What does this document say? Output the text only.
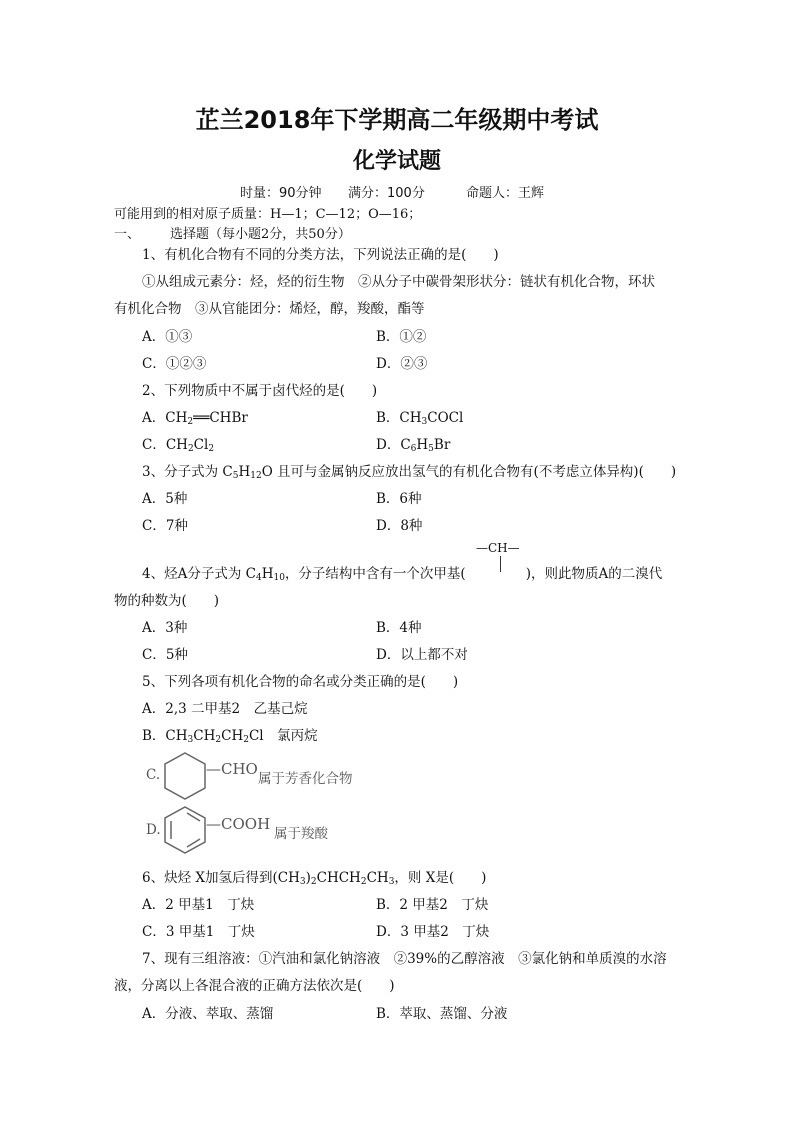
芷兰2018年下学期高二年级期中考试
化学试题
时量：90分钟 满分：100分	命题人：王辉
可能用到的相对原子质量：H—1；C—12；O—16；
一、 选择题（每小题2分，共50分）
1、有机化合物有不同的分类方法，下列说法正确的是(　　)
①从组成元素分：烃，烃的衍生物　②从分子中碳骨架形状分：链状有机化合物，环状
有机化合物　③从官能团分：烯烃，醇，羧酸，酯等
A．①③	B．①②
C．①②③	D．②③
2、下列物质中不属于卤代烃的是(　　)
A．$CH_2══CHBr$	B．$CH_3COCl$
C．$CH_2Cl_2$	D．$C_6H_5Br$
3、分子式为 $C_5H_{12}O$ 且可与金属钠反应放出氢气的有机化合物有(不考虑立体异构)(　　)
A．5种	B．6种
C．7种	D．8种
—CH—
4、烃A分子式为 $C_4H_{10}$，分子结构中含有一个次甲基(	)，则此物质A的二溴代
物的种数为(　　)
A．3种	B．4种
C．5种	D．以上都不对
5、下列各项有机化合物的命名或分类正确的是(　　)
A．2,3 二甲基2　乙基己烷
B．$CH_3CH_2CH_2Cl$　氯丙烷
C.	—CHO
属于芳香化合物
D.	—COOH
属于羧酸
6、炔烃 X加氢后得到$(CH_3)_2CHCH_2CH_3$，则 X是(　　)
A．2 甲基1　丁炔	B．2 甲基2　丁炔
C．3 甲基1　丁炔	D．3 甲基2　丁炔
7、现有三组溶液：①汽油和氯化钠溶液　②39%的乙醇溶液　③氯化钠和单质溴的水溶
液，分离以上各混合液的正确方法依次是(　　)
A．分液、萃取、蒸馏	B．萃取、蒸馏、分液
